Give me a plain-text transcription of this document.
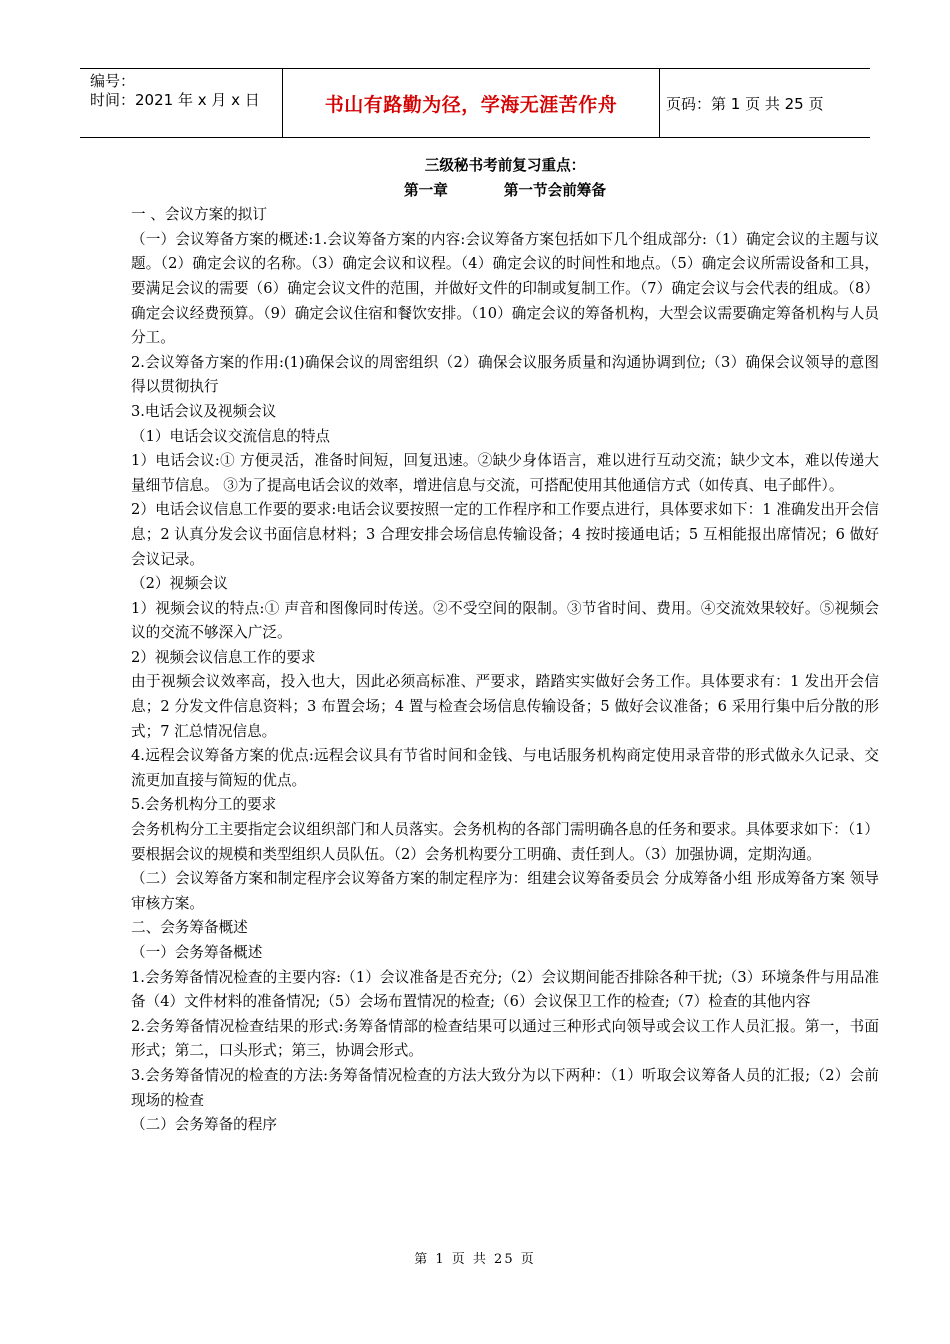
编号：
时间：2021 年 x 月 x 日	书山有路勤为径，学海无涯苦作舟	页码：第 1 页 共 25 页
三级秘书考前复习重点：
第一章	第一节会前筹备

一 、会议方案的拟订

（一）会议筹备方案的概述:1.会议筹备方案的内容:会议筹备方案包括如下几个组成部分:（1）确定会议的主题与议题。（2）确定会议的名称。（3）确定会议和议程。（4）确定会议的时间性和地点。（5）确定会议所需设备和工具，要满足会议的需要（6）确定会议文件的范围，并做好文件的印制或复制工作。（7）确定会议与会代表的组成。（8）确定会议经费预算。（9）确定会议住宿和餐饮安排。（10）确定会议的筹备机构，大型会议需要确定筹备机构与人员分工。

2.会议筹备方案的作用:(1)确保会议的周密组织（2）确保会议服务质量和沟通协调到位;（3）确保会议领导的意图得以贯彻执行

3.电话会议及视频会议

（1）电话会议交流信息的特点

1）电话会议:① 方便灵活，准备时间短，回复迅速。②缺少身体语言，难以进行互动交流；缺少文本，难以传递大量细节信息。 ③为了提高电话会议的效率，增进信息与交流，可搭配使用其他通信方式（如传真、电子邮件）。

2）电话会议信息工作要的要求:电话会议要按照一定的工作程序和工作要点进行，具体要求如下：1 准确发出开会信息；2 认真分发会议书面信息材料；3 合理安排会场信息传输设备；4 按时接通电话；5 互相能报出席情况；6 做好会议记录。

（2）视频会议

1）视频会议的特点:① 声音和图像同时传送。②不受空间的限制。③节省时间、费用。④交流效果较好。⑤视频会议的交流不够深入广泛。

2）视频会议信息工作的要求

由于视频会议效率高，投入也大，因此必须高标准、严要求，踏踏实实做好会务工作。具体要求有：1 发出开会信息；2 分发文件信息资料；3 布置会场；4 置与检查会场信息传输设备；5 做好会议准备；6 采用行集中后分散的形式；7 汇总情况信息。

4.远程会议筹备方案的优点:远程会议具有节省时间和金钱、与电话服务机构商定使用录音带的形式做永久记录、交流更加直接与简短的优点。

5.会务机构分工的要求

会务机构分工主要指定会议组织部门和人员落实。会务机构的各部门需明确各息的任务和要求。具体要求如下：（1）要根据会议的规模和类型组织人员队伍。（2）会务机构要分工明确、责任到人。（3）加强协调，定期沟通。

（二）会议筹备方案和制定程序会议筹备方案的制定程序为：组建会议筹备委员会 分成筹备小组 形成筹备方案 领导审核方案。

二、会务筹备概述

（一）会务筹备概述

1.会务筹备情况检查的主要内容:（1）会议准备是否充分;（2）会议期间能否排除各种干扰;（3）环境条件与用品准备（4）文件材料的准备情况;（5）会场布置情况的检查;（6）会议保卫工作的检查;（7）检查的其他内容

2.会务筹备情况检查结果的形式:务筹备情部的检查结果可以通过三种形式向领导或会议工作人员汇报。第一，书面形式；第二，口头形式；第三，协调会形式。

3.会务筹备情况的检查的方法:务筹备情况检查的方法大致分为以下两种：（1）听取会议筹备人员的汇报;（2）会前现场的检查

（二）会务筹备的程序

第 1 页 共 25 页
